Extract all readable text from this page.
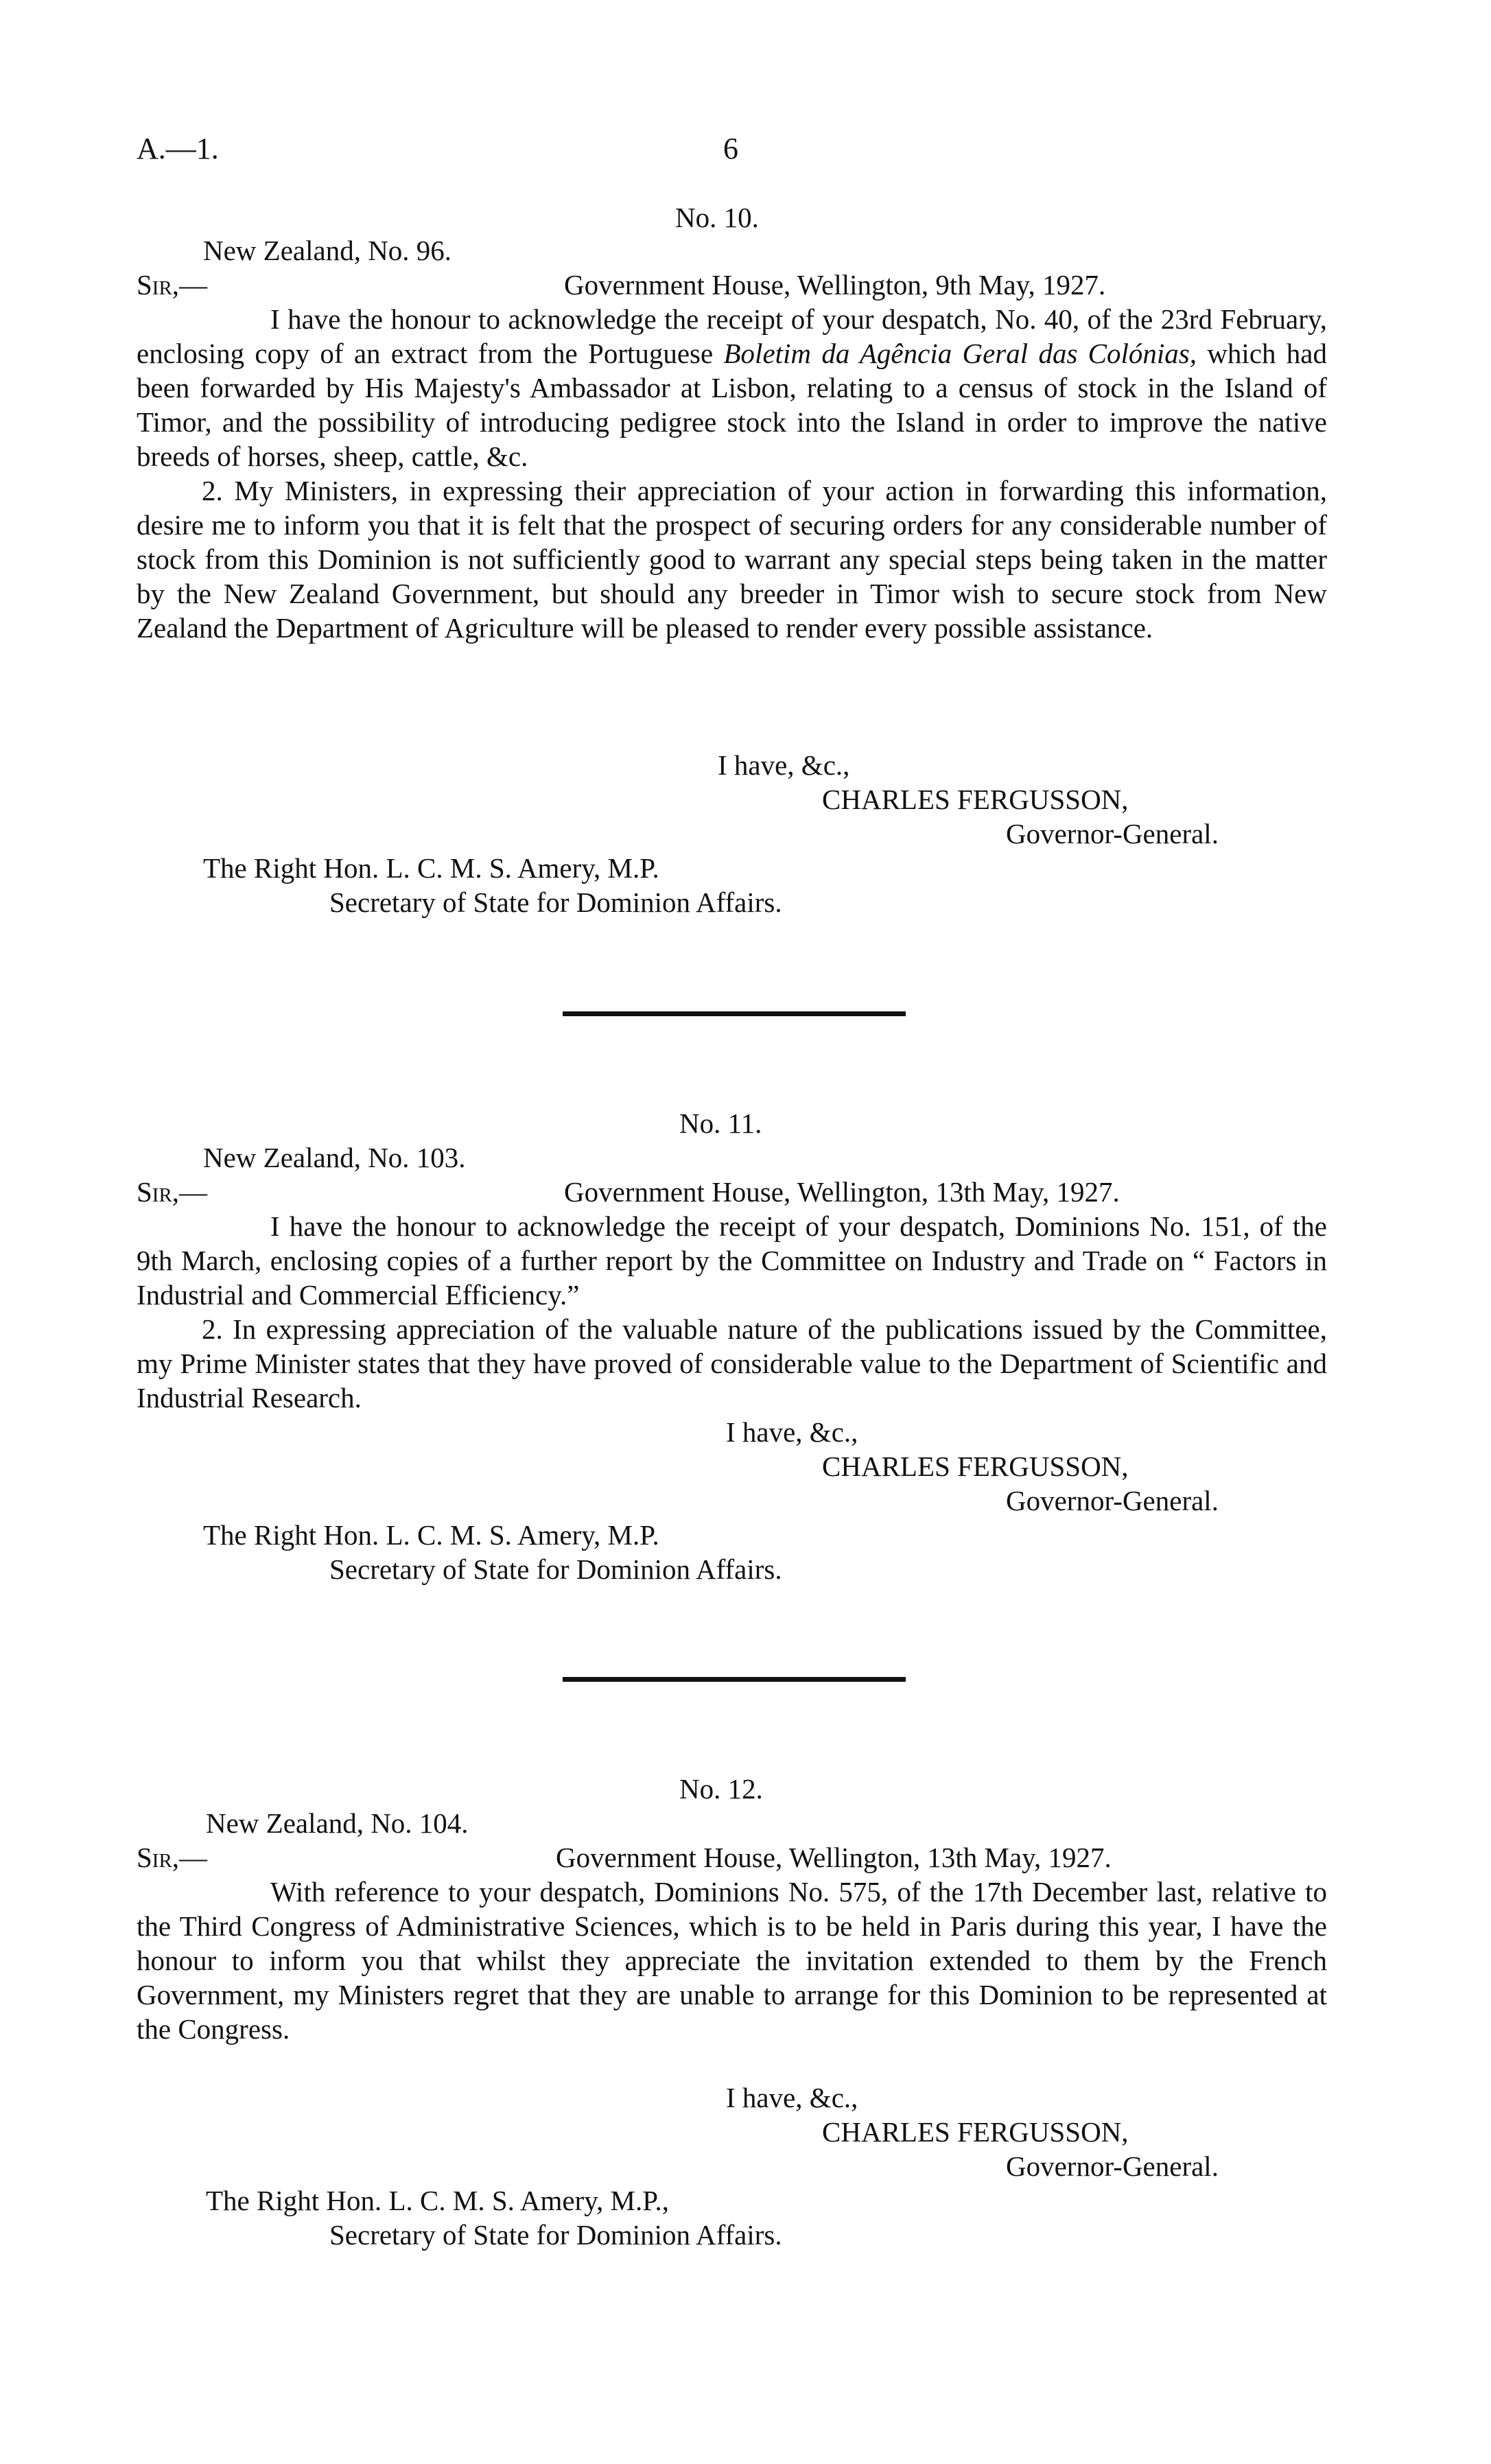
A.—1.	6
No. 10.
New Zealand, No. 96.
Sir,—	Government House, Wellington, 9th May, 1927.

I have the honour to acknowledge the receipt of your despatch, No. 40, of the 23rd February, enclosing copy of an extract from the Portuguese Boletim da Agência Geral das Colónias, which had been forwarded by His Majesty's Ambassador at Lisbon, relating to a census of stock in the Island of Timor, and the possibility of introducing pedigree stock into the Island in order to improve the native breeds of horses, sheep, cattle, &c.

2. My Ministers, in expressing their appreciation of your action in forwarding this information, desire me to inform you that it is felt that the prospect of securing orders for any considerable number of stock from this Dominion is not sufficiently good to warrant any special steps being taken in the matter by the New Zealand Government, but should any breeder in Timor wish to secure stock from New Zealand the Department of Agriculture will be pleased to render every possible assistance.

I have, &c.,
CHARLES FERGUSSON,
Governor-General.
The Right Hon. L. C. M. S. Amery, M.P.
Secretary of State for Dominion Affairs.
No. 11.
New Zealand, No. 103.
Sir,—	Government House, Wellington, 13th May, 1927.

I have the honour to acknowledge the receipt of your despatch, Dominions No. 151, of the 9th March, enclosing copies of a further report by the Committee on Industry and Trade on “ Factors in Industrial and Commercial Efficiency.”

2. In expressing appreciation of the valuable nature of the publications issued by the Committee, my Prime Minister states that they have proved of considerable value to the Department of Scientific and Industrial Research.

I have, &c.,
CHARLES FERGUSSON,
Governor-General.
The Right Hon. L. C. M. S. Amery, M.P.
Secretary of State for Dominion Affairs.
No. 12.
New Zealand, No. 104.
Sir,—	Government House, Wellington, 13th May, 1927.

With reference to your despatch, Dominions No. 575, of the 17th December last, relative to the Third Congress of Administrative Sciences, which is to be held in Paris during this year, I have the honour to inform you that whilst they appreciate the invitation extended to them by the French Government, my Ministers regret that they are unable to arrange for this Dominion to be represented at the Congress.

I have, &c.,
CHARLES FERGUSSON,
Governor-General.
The Right Hon. L. C. M. S. Amery, M.P.,
Secretary of State for Dominion Affairs.
